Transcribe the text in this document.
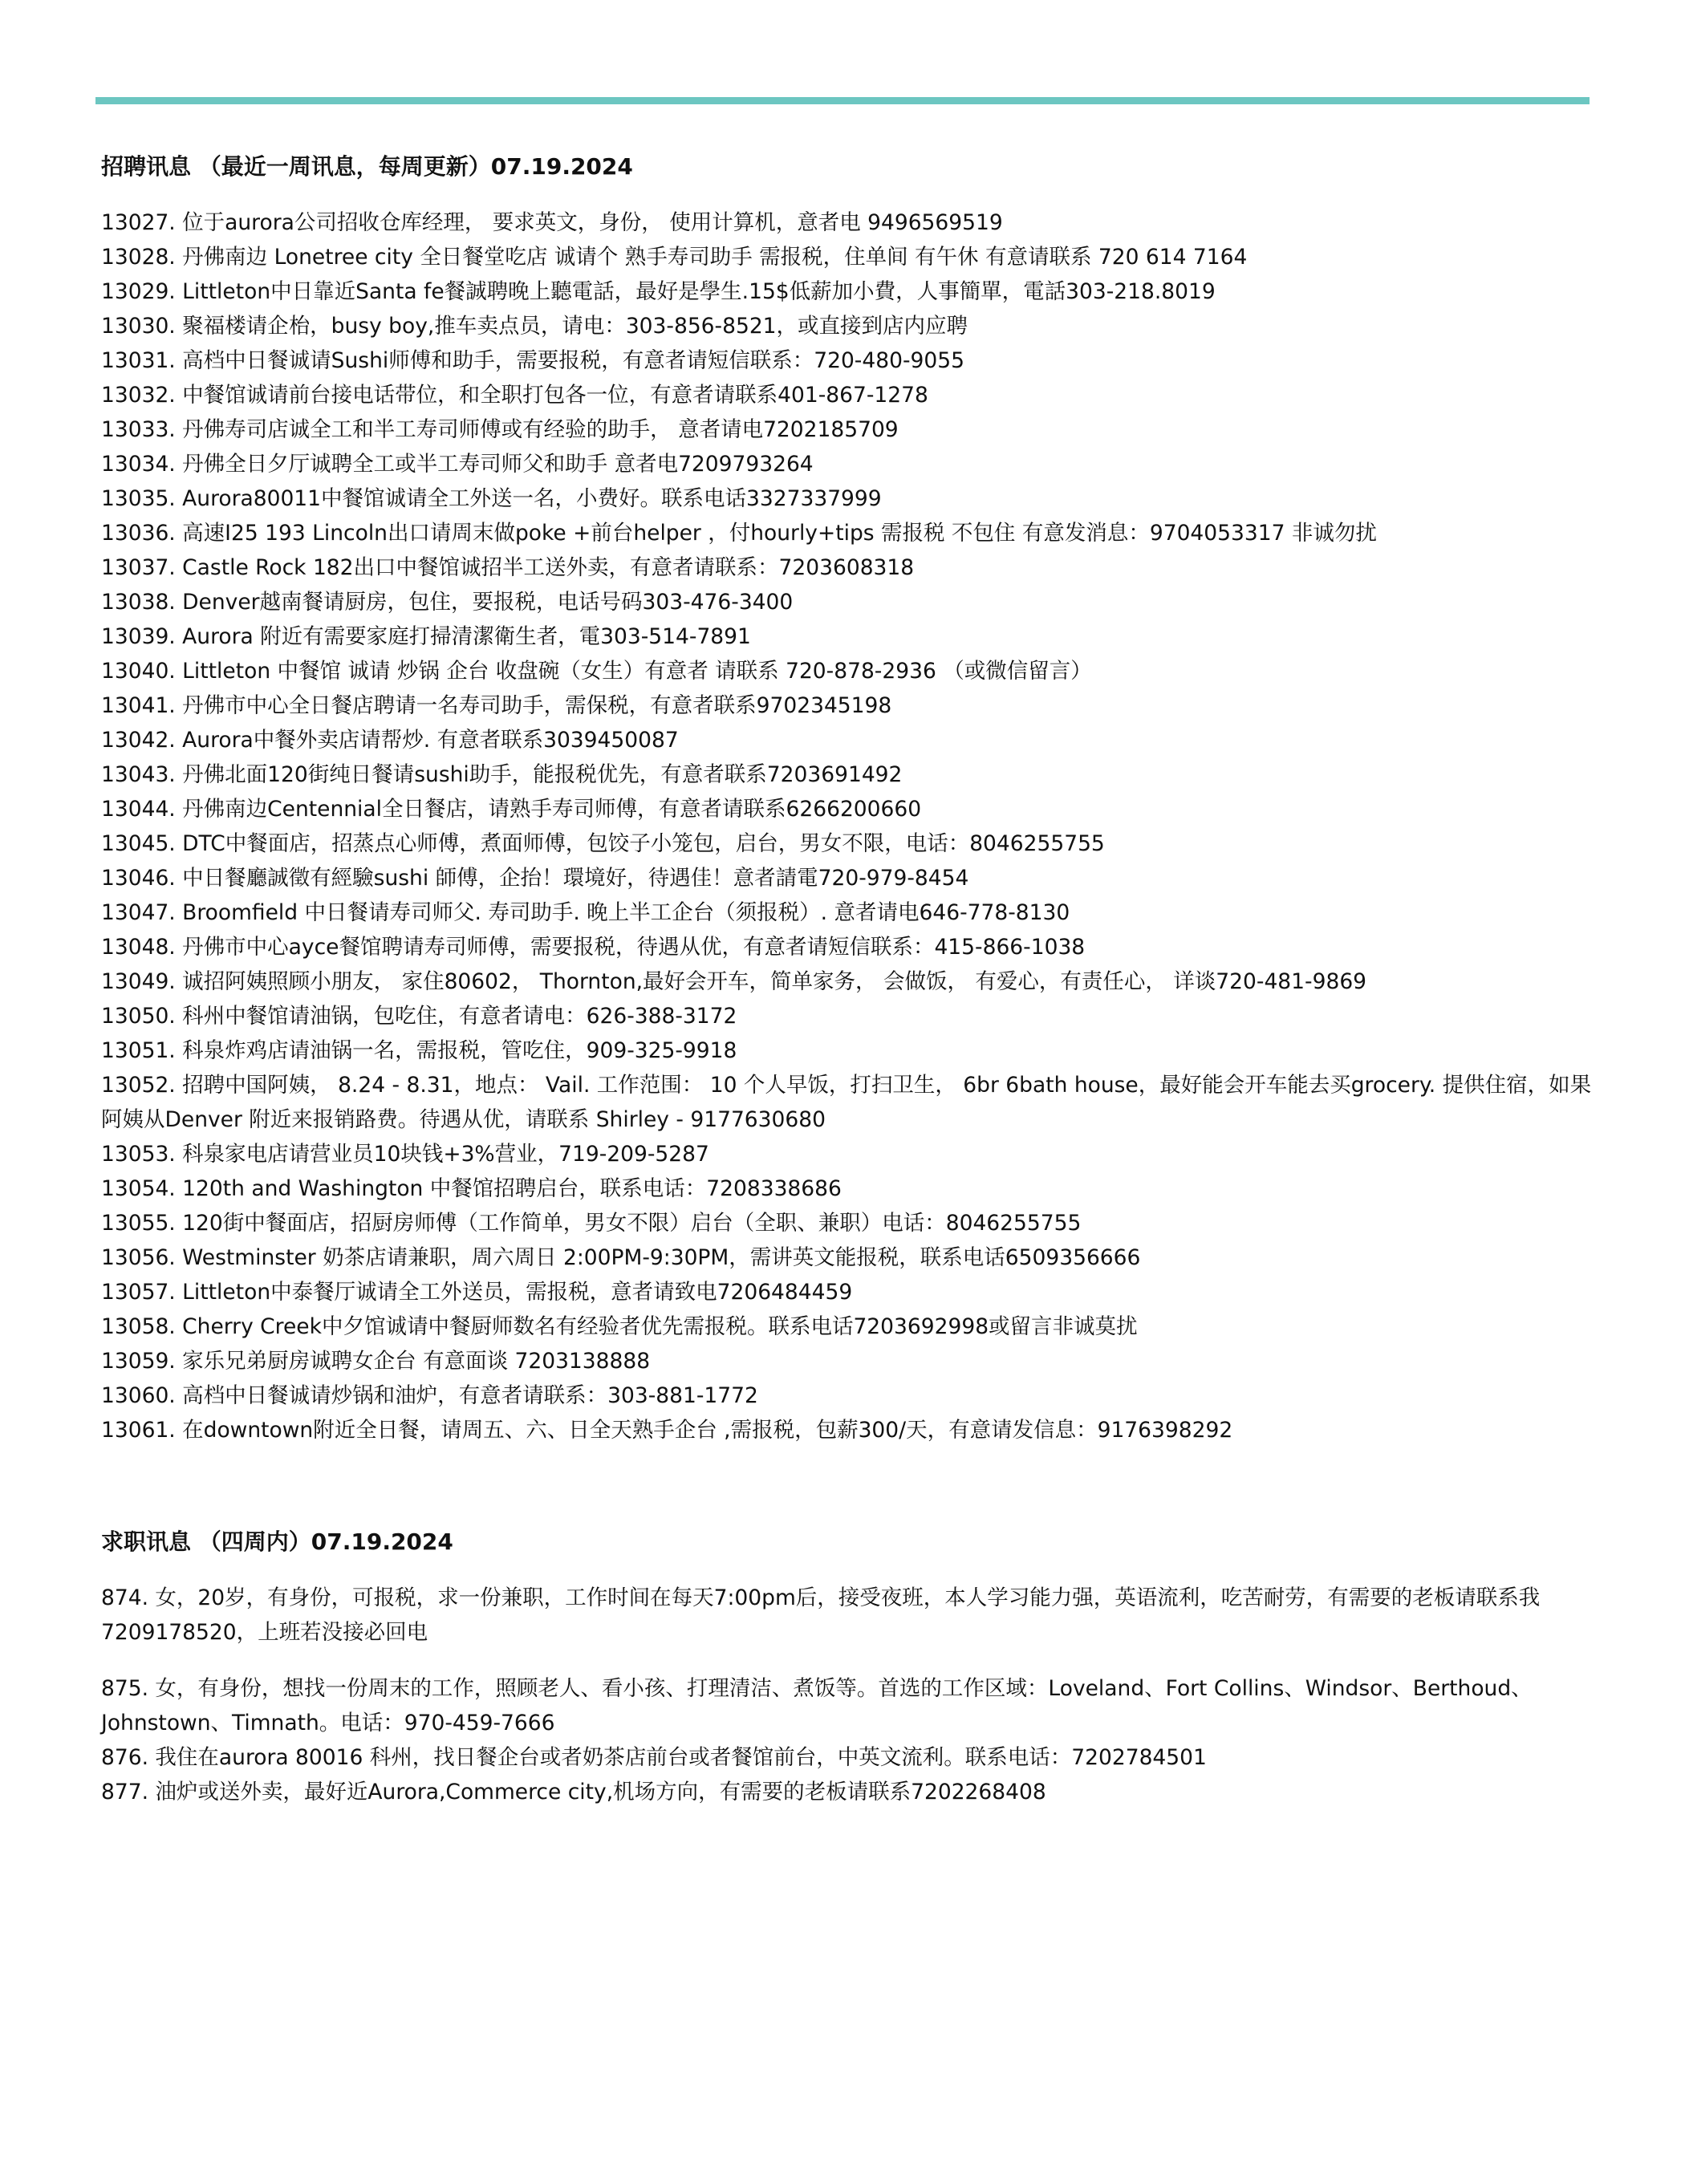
招聘讯息 （最近一周讯息，每周更新）07.19.2024
13027. 位于aurora公司招收仓库经理， 要求英文，身份， 使用计算机，意者电 9496569519
13028. 丹佛南边 Lonetree city 全日餐堂吃店 诚请个 熟手寿司助手 需报税，住单间 有午休 有意请联系 720 614 7164
13029. Littleton中日靠近Santa fe餐誠聘晚上聽電話，最好是學生.15$低薪加小費，人事簡單，電話303-218.8019
13030. 聚福楼请企枱，busy boy,推车卖点员，请电：303-856-8521，或直接到店内应聘
13031. 高档中日餐诚请Sushi师傅和助手，需要报税，有意者请短信联系：720-480-9055
13032. 中餐馆诚请前台接电话带位，和全职打包各一位，有意者请联系401-867-1278
13033. 丹佛寿司店诚全工和半工寿司师傅或有经验的助手， 意者请电7202185709
13034. 丹佛全日夕厅诚聘全工或半工寿司师父和助手 意者电7209793264
13035. Aurora80011中餐馆诚请全工外送一名，小费好。联系电话3327337999
13036. 高速I25 193 Lincoln出口请周末做poke +前台helper ，付hourly+tips 需报税 不包住 有意发消息：9704053317 非诚勿扰
13037. Castle Rock 182出口中餐馆诚招半工送外卖，有意者请联系：7203608318
13038. Denver越南餐请厨房，包住，要报税，电话号码303-476-3400
13039. Aurora 附近有需要家庭打掃清潔衛生者，電303-514-7891
13040. Littleton 中餐馆 诚请 炒锅 企台 收盘碗（女生）有意者 请联系 720-878-2936 （或微信留言）
13041. 丹佛市中心全日餐店聘请一名寿司助手，需保税，有意者联系9702345198
13042. Aurora中餐外卖店请帮炒. 有意者联系3039450087
13043. 丹佛北面120街纯日餐请sushi助手，能报税优先，有意者联系7203691492
13044. 丹佛南边Centennial全日餐店，请熟手寿司师傅，有意者请联系6266200660
13045. DTC中餐面店，招蒸点心师傅，煮面师傅，包饺子小笼包，启台，男女不限，电话：8046255755
13046. 中日餐廳誠徵有經驗sushi 師傅，企抬！環境好，待遇佳！意者請電720-979-8454
13047. Broomfield 中日餐请寿司师父. 寿司助手. 晚上半工企台（须报税）. 意者请电646-778-8130
13048. 丹佛市中心ayce餐馆聘请寿司师傅，需要报税，待遇从优，有意者请短信联系：415-866-1038
13049. 诚招阿姨照顾小朋友， 家住80602， Thornton,最好会开车，简单家务， 会做饭， 有爱心，有责任心， 详谈720-481-9869
13050. 科州中餐馆请油锅，包吃住，有意者请电：626-388-3172
13051. 科泉炸鸡店请油锅一名，需报税，管吃住，909-325-9918
13052. 招聘中国阿姨， 8.24 - 8.31，地点： Vail. 工作范围： 10 个人早饭，打扫卫生， 6br 6bath house，最好能会开车能去买grocery. 提供住宿，如果阿姨从Denver 附近来报销路费。待遇从优，请联系 Shirley - 9177630680
13053. 科泉家电店请营业员10块钱+3%营业，719-209-5287
13054. 120th and Washington 中餐馆招聘启台，联系电话：7208338686
13055. 120街中餐面店，招厨房师傅（工作简单，男女不限）启台（全职、兼职）电话：8046255755
13056. Westminster 奶茶店请兼职，周六周日 2:00PM-9:30PM，需讲英文能报税，联系电话6509356666
13057. Littleton中泰餐厅诚请全工外送员，需报税，意者请致电7206484459
13058. Cherry Creek中夕馆诚请中餐厨师数名有经验者优先需报税。联系电话7203692998或留言非诚莫扰
13059. 家乐兄弟厨房诚聘女企台 有意面谈 7203138888
13060. 高档中日餐诚请炒锅和油炉，有意者请联系：303-881-1772
13061. 在downtown附近全日餐，请周五、六、日全天熟手企台 ,需报税，包薪300/天，有意请发信息：9176398292
求职讯息 （四周内）07.19.2024
874. 女，20岁，有身份，可报税，求一份兼职，工作时间在每天7:00pm后，接受夜班，本人学习能力强，英语流利，吃苦耐劳，有需要的老板请联系我7209178520，上班若没接必回电
875. 女，有身份，想找一份周末的工作，照顾老人、看小孩、打理清洁、煮饭等。首选的工作区域：Loveland、Fort Collins、Windsor、Berthoud、Johnstown、Timnath。电话：970-459-7666
876. 我住在aurora 80016 科州，找日餐企台或者奶茶店前台或者餐馆前台，中英文流利。联系电话：7202784501
877. 油炉或送外卖，最好近Aurora,Commerce city,机场方向，有需要的老板请联系7202268408
